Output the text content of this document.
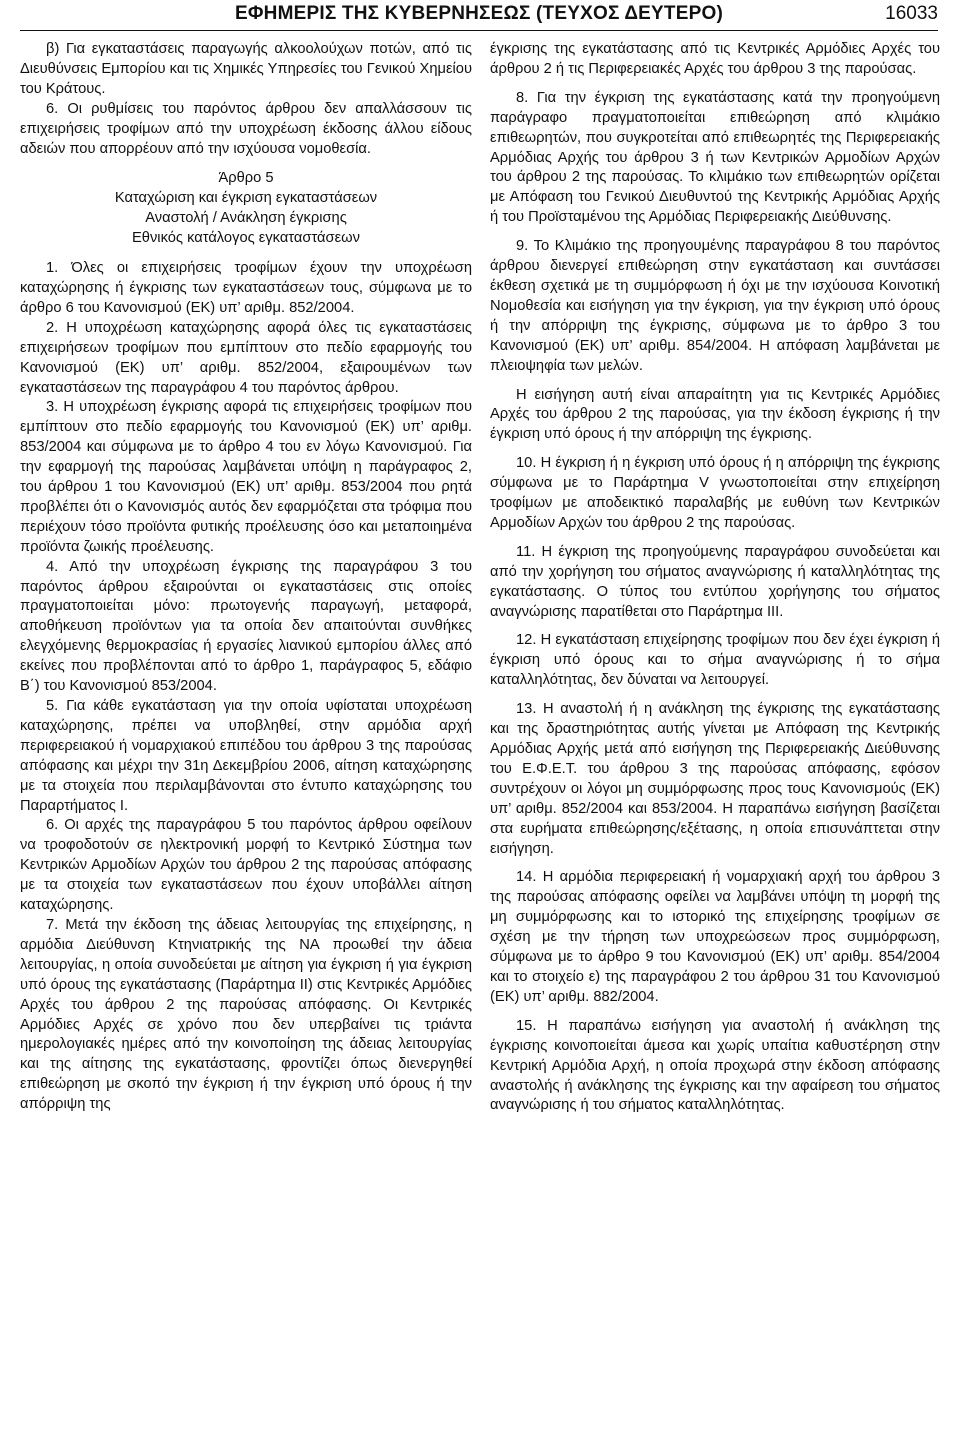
ΕΦΗΜΕΡΙΣ ΤΗΣ ΚΥΒΕΡΝΗΣΕΩΣ (ΤΕΥΧΟΣ ΔΕΥΤΕΡΟ)	16033

β) Για εγκαταστάσεις παραγωγής αλκοολούχων ποτών, από τις Διευθύνσεις Εμπορίου και τις Χημικές Υπηρεσίες του Γενικού Χημείου του Κράτους.

6. Οι ρυθμίσεις του παρόντος άρθρου δεν απαλλάσσουν τις επιχειρήσεις τροφίμων από την υποχρέωση έκδοσης άλλου είδους αδειών που απορρέουν από την ισχύουσα νομοθεσία.

Άρθρο 5
Καταχώριση και έγκριση εγκαταστάσεων
Αναστολή / Ανάκληση έγκρισης
Εθνικός κατάλογος εγκαταστάσεων

1. Όλες οι επιχειρήσεις τροφίμων έχουν την υποχρέωση καταχώρησης ή έγκρισης των εγκαταστάσεων τους, σύμφωνα με το άρθρο 6 του Κανονισμού (ΕΚ) υπ’ αριθμ. 852/2004.

2. Η υποχρέωση καταχώρησης αφορά όλες τις εγκαταστάσεις επιχειρήσεων τροφίμων που εμπίπτουν στο πεδίο εφαρμογής του Κανονισμού (ΕΚ) υπ’ αριθμ. 852/2004, εξαιρουμένων των εγκαταστάσεων της παραγράφου 4 του παρόντος άρθρου.

3. Η υποχρέωση έγκρισης αφορά τις επιχειρήσεις τροφίμων που εμπίπτουν στο πεδίο εφαρμογής του Κανονισμού (ΕΚ) υπ’ αριθμ. 853/2004 και σύμφωνα με το άρθρο 4 του εν λόγω Κανονισμού. Για την εφαρμογή της παρούσας λαμβάνεται υπόψη η παράγραφος 2, του άρθρου 1 του Κανονισμού (ΕΚ) υπ’ αριθμ. 853/2004 που ρητά προβλέπει ότι ο Κανονισμός αυτός δεν εφαρμόζεται στα τρόφιμα που περιέχουν τόσο προϊόντα φυτικής προέλευσης όσο και μεταποιημένα προϊόντα ζωικής προέλευσης.

4. Από την υποχρέωση έγκρισης της παραγράφου 3 του παρόντος άρθρου εξαιρούνται οι εγκαταστάσεις στις οποίες πραγματοποιείται μόνο: πρωτογενής παραγωγή, μεταφορά, αποθήκευση προϊόντων για τα οποία δεν απαιτούνται συνθήκες ελεγχόμενης θερμοκρασίας ή εργασίες λιανικού εμπορίου άλλες από εκείνες που προβλέπονται από το άρθρο 1, παράγραφος 5, εδάφιο Β΄) του Κανονισμού 853/2004.

5. Για κάθε εγκατάσταση για την οποία υφίσταται υποχρέωση καταχώρησης, πρέπει να υποβληθεί, στην αρμόδια αρχή περιφερειακού ή νομαρχιακού επιπέδου του άρθρου 3 της παρούσας απόφασης και μέχρι την 31η Δεκεμβρίου 2006, αίτηση καταχώρησης με τα στοιχεία που περιλαμβάνονται στο έντυπο καταχώρησης του Παραρτήματος Ι.

6. Οι αρχές της παραγράφου 5 του παρόντος άρθρου οφείλουν να τροφοδοτούν σε ηλεκτρονική μορφή το Κεντρικό Σύστημα των Κεντρικών Αρμοδίων Αρχών του άρθρου 2 της παρούσας απόφασης με τα στοιχεία των εγκαταστάσεων που έχουν υποβάλλει αίτηση καταχώρησης.

7. Μετά την έκδοση της άδειας λειτουργίας της επιχείρησης, η αρμόδια Διεύθυνση Κτηνιατρικής της ΝΑ προωθεί την άδεια λειτουργίας, η οποία συνοδεύεται με αίτηση για έγκριση ή για έγκριση υπό όρους της εγκατάστασης (Παράρτημα ΙΙ) στις Κεντρικές Αρμόδιες Αρχές του άρθρου 2 της παρούσας απόφασης. Οι Κεντρικές Αρμόδιες Αρχές σε χρόνο που δεν υπερβαίνει τις τριάντα ημερολογιακές ημέρες από την κοινοποίηση της άδειας λειτουργίας και της αίτησης της εγκατάστασης, φροντίζει όπως διενεργηθεί επιθεώρηση με σκοπό την έγκριση ή την έγκριση υπό όρους ή την απόρριψη της

έγκρισης της εγκατάστασης από τις Κεντρικές Αρμόδιες Αρχές του άρθρου 2 ή τις Περιφερειακές Αρχές του άρθρου 3 της παρούσας.

8. Για την έγκριση της εγκατάστασης κατά την προηγούμενη παράγραφο πραγματοποιείται επιθεώρηση από κλιμάκιο επιθεωρητών, που συγκροτείται από επιθεωρητές της Περιφερειακής Αρμόδιας Αρχής του άρθρου 3 ή των Κεντρικών Αρμοδίων Αρχών του άρθρου 2 της παρούσας. Το κλιμάκιο των επιθεωρητών ορίζεται με Απόφαση του Γενικού Διευθυντού της Κεντρικής Αρμόδιας Αρχής ή του Προϊσταμένου της Αρμόδιας Περιφερειακής Διεύθυνσης.

9. Το Κλιμάκιο της προηγουμένης παραγράφου 8 του παρόντος άρθρου διενεργεί επιθεώρηση στην εγκατάσταση και συντάσσει έκθεση σχετικά με τη συμμόρφωση ή όχι με την ισχύουσα Κοινοτική Νομοθεσία και εισήγηση για την έγκριση, για την έγκριση υπό όρους ή την απόρριψη της έγκρισης, σύμφωνα με το άρθρο 3 του Κανονισμού (ΕΚ) υπ’ αριθμ. 854/2004. Η απόφαση λαμβάνεται με πλειοψηφία των μελών.

Η εισήγηση αυτή είναι απαραίτητη για τις Κεντρικές Αρμόδιες Αρχές του άρθρου 2 της παρούσας, για την έκδοση έγκρισης ή την έγκριση υπό όρους ή την απόρριψη της έγκρισης.

10. Η έγκριση ή η έγκριση υπό όρους ή η απόρριψη της έγκρισης σύμφωνα με το Παράρτημα V γνωστοποιείται στην επιχείρηση τροφίμων με αποδεικτικό παραλαβής με ευθύνη των Κεντρικών Αρμοδίων Αρχών του άρθρου 2 της παρούσας.

11. Η έγκριση της προηγούμενης παραγράφου συνοδεύεται και από την χορήγηση του σήματος αναγνώρισης ή καταλληλότητας της εγκατάστασης. Ο τύπος του εντύπου χορήγησης του σήματος αναγνώρισης παρατίθεται στο Παράρτημα ΙΙΙ.

12. Η εγκατάσταση επιχείρησης τροφίμων που δεν έχει έγκριση ή έγκριση υπό όρους και το σήμα αναγνώρισης ή το σήμα καταλληλότητας, δεν δύναται να λειτουργεί.

13. Η αναστολή ή η ανάκληση της έγκρισης της εγκατάστασης και της δραστηριότητας αυτής γίνεται με Απόφαση της Κεντρικής Αρμόδιας Αρχής μετά από εισήγηση της Περιφερειακής Διεύθυνσης του Ε.Φ.Ε.Τ. του άρθρου 3 της παρούσας απόφασης, εφόσον συντρέχουν οι λόγοι μη συμμόρφωσης προς τους Κανονισμούς (ΕΚ) υπ’ αριθμ. 852/2004 και 853/2004. Η παραπάνω εισήγηση βασίζεται στα ευρήματα επιθεώρησης/εξέτασης, η οποία επισυνάπτεται στην εισήγηση.

14. Η αρμόδια περιφερειακή ή νομαρχιακή αρχή του άρθρου 3 της παρούσας απόφασης οφείλει να λαμβάνει υπόψη τη μορφή της μη συμμόρφωσης και το ιστορικό της επιχείρησης τροφίμων σε σχέση με την τήρηση των υποχρεώσεων προς συμμόρφωση, σύμφωνα με το άρθρο 9 του Κανονισμού (ΕΚ) υπ’ αριθμ. 854/2004 και το στοιχείο ε) της παραγράφου 2 του άρθρου 31 του Κανονισμού (ΕΚ) υπ’ αριθμ. 882/2004.

15. Η παραπάνω εισήγηση για αναστολή ή ανάκληση της έγκρισης κοινοποιείται άμεσα και χωρίς υπαίτια καθυστέρηση στην Κεντρική Αρμόδια Αρχή, η οποία προχωρά στην έκδοση απόφασης αναστολής ή ανάκλησης της έγκρισης και την αφαίρεση του σήματος αναγνώρισης ή του σήματος καταλληλότητας.
